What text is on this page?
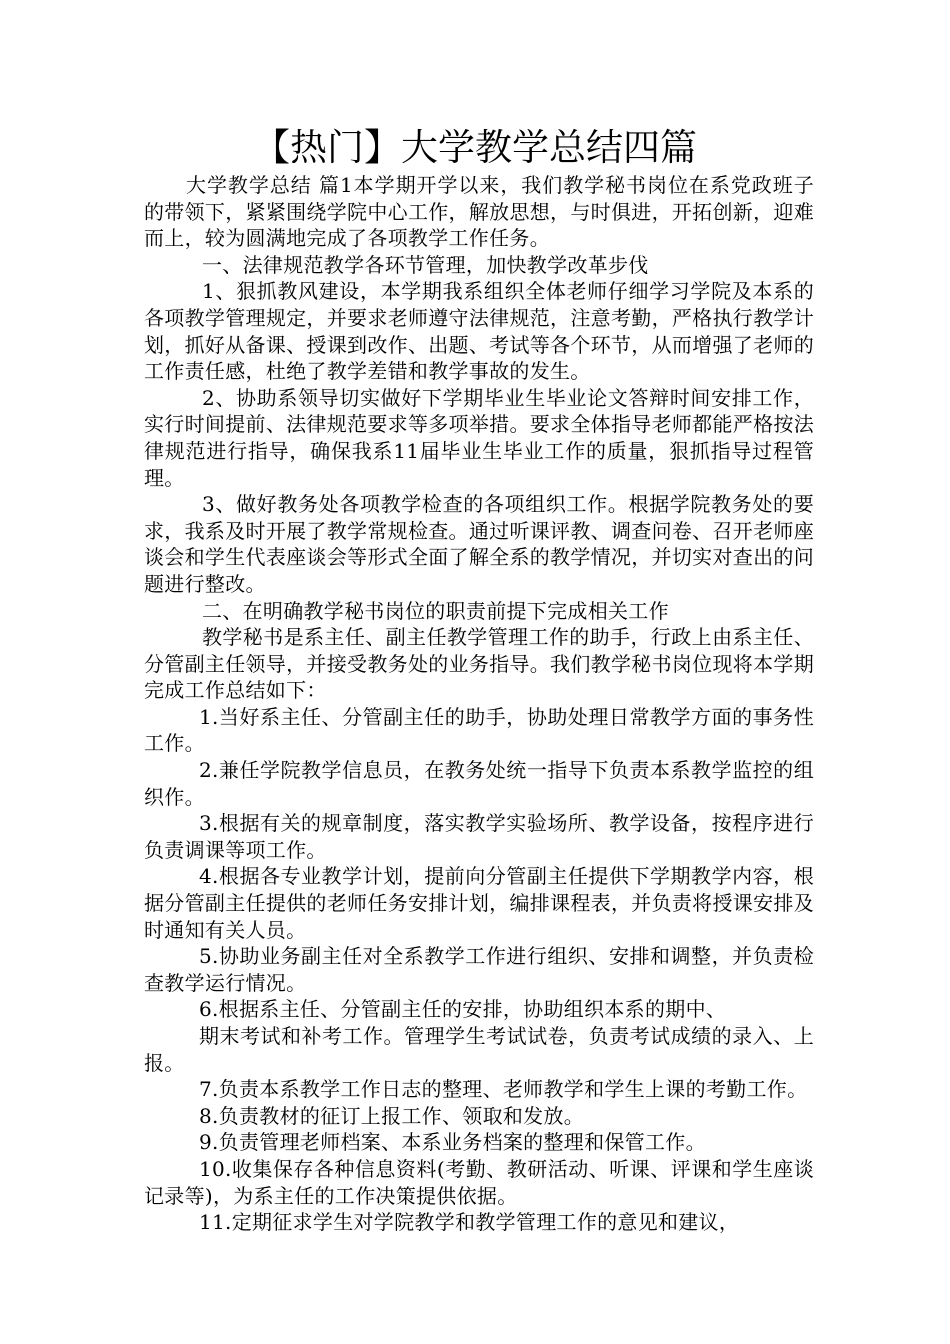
【热门】大学教学总结四篇

大学教学总结 篇1本学期开学以来，我们教学秘书岗位在系党政班子的带领下，紧紧围绕学院中心工作，解放思想，与时俱进，开拓创新，迎难而上，较为圆满地完成了各项教学工作任务。

一、法律规范教学各环节管理，加快教学改革步伐

1、狠抓教风建设，本学期我系组织全体老师仔细学习学院及本系的各项教学管理规定，并要求老师遵守法律规范，注意考勤，严格执行教学计划，抓好从备课、授课到改作、出题、考试等各个环节，从而增强了老师的工作责任感，杜绝了教学差错和教学事故的发生。

2、协助系领导切实做好下学期毕业生毕业论文答辩时间安排工作，实行时间提前、法律规范要求等多项举措。要求全体指导老师都能严格按法律规范进行指导，确保我系11届毕业生毕业工作的质量，狠抓指导过程管理。

3、做好教务处各项教学检查的各项组织工作。根据学院教务处的要求，我系及时开展了教学常规检查。通过听课评教、调查问卷、召开老师座谈会和学生代表座谈会等形式全面了解全系的教学情况，并切实对查出的问题进行整改。

二、在明确教学秘书岗位的职责前提下完成相关工作

教学秘书是系主任、副主任教学管理工作的助手，行政上由系主任、分管副主任领导，并接受教务处的业务指导。我们教学秘书岗位现将本学期完成工作总结如下：

1.当好系主任、分管副主任的助手，协助处理日常教学方面的事务性工作。

2.兼任学院教学信息员，在教务处统一指导下负责本系教学监控的组织作。

3.根据有关的规章制度，落实教学实验场所、教学设备，按程序进行负责调课等项工作。

4.根据各专业教学计划，提前向分管副主任提供下学期教学内容，根据分管副主任提供的老师任务安排计划，编排课程表，并负责将授课安排及时通知有关人员。

5.协助业务副主任对全系教学工作进行组织、安排和调整，并负责检查教学运行情况。

6.根据系主任、分管副主任的安排，协助组织本系的期中、

期末考试和补考工作。管理学生考试试卷，负责考试成绩的录入、上报。

7.负责本系教学工作日志的整理、老师教学和学生上课的考勤工作。

8.负责教材的征订上报工作、领取和发放。

9.负责管理老师档案、本系业务档案的整理和保管工作。

10.收集保存各种信息资料(考勤、教研活动、听课、评课和学生座谈记录等)，为系主任的工作决策提供依据。

11.定期征求学生对学院教学和教学管理工作的意见和建议，
